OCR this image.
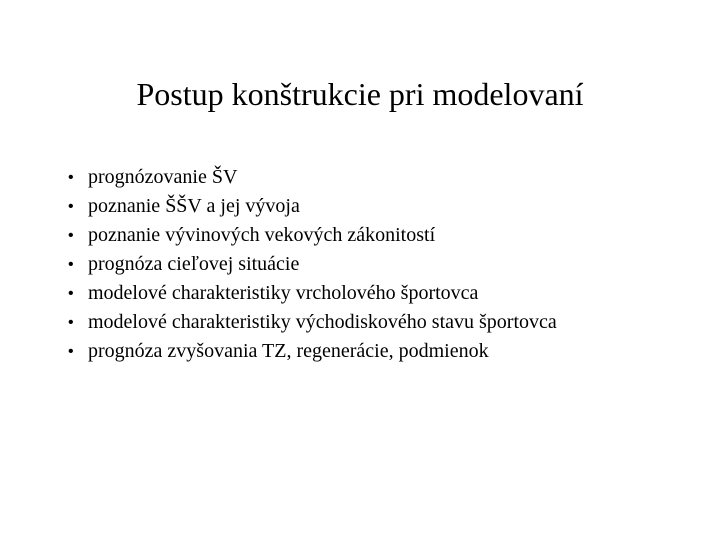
Postup konštrukcie pri modelovaní
• prognózovanie ŠV
• poznanie ŠŠV a jej vývoja
• poznanie vývinových vekových zákonitostí
• prognóza cieľovej situácie
• modelové charakteristiky vrcholového športovca
• modelové charakteristiky východiskového stavu športovca
• prognóza zvyšovania TZ, regenerácie, podmienok
